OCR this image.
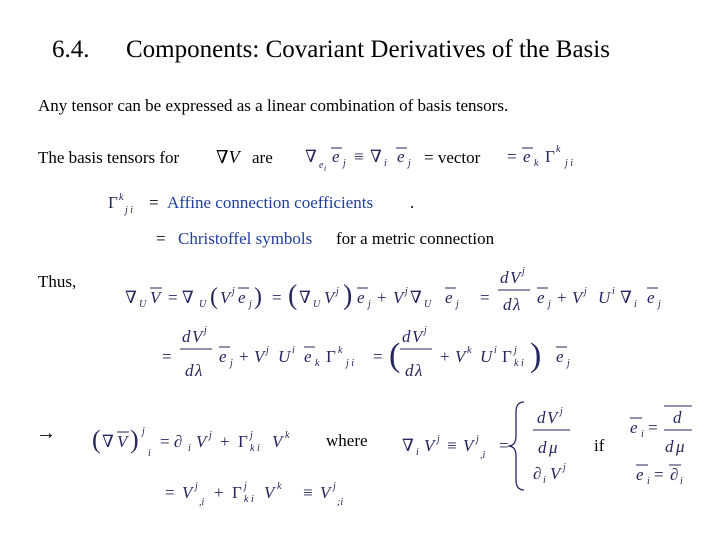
6.4. Components: Covariant Derivatives of the Basis
Any tensor can be expressed as a linear combination of basis tensors.
The basis tensors for ∇V are	= vector
= Affine connection coefficients .
= Christoffel symbols for a metric connection
Thus,
→	where	if
∇ e i
e j ≡ ∇ i e j	= e k Γ k
j i
Γ k
j i
∇ U V = ∇ U ( V j e j ) = ( ∇ U V j ) e j + V j ∇ U e j =
d V j
d λ e j + V j U i ∇ i e j
=
d V j
d λ
e j + V j U i e k Γ k
j i = (
d V j
d λ
+ V k U i Γ j
k i ) e j
( ∇ V ) j
i
= ∂ i V j + Γ j
k i V k
∇ i V j ≡ V j
,i
=
d V j
d μ
∂ i V j
e i =
d
d μ
e i = ∂ i
= V j
,i
+ Γ j
k i V k ≡ V j
;i
